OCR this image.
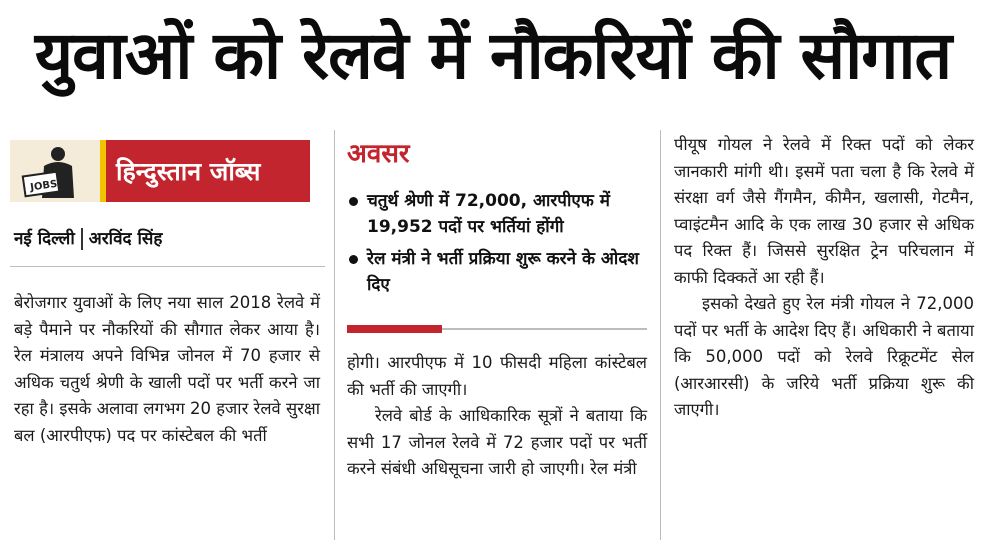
युवाओं को रेलवे में नौकरियों की सौगात
JOBS
हिन्दुस्तान जॉब्स
नई दिल्ली अरविंद सिंह

बेरोजगार युवाओं के लिए नया साल 2018 रेलवे में बड़े पैमाने पर नौकरियों की सौगात लेकर आया है। रेल मंत्रालय अपने विभिन्न जोनल में 70 हजार से अधिक चतुर्थ श्रेणी के खाली पदों पर भर्ती करने जा रहा है। इसके अलावा लगभग 20 हजार रेलवे सुरक्षा बल (आरपीएफ) पद पर कांस्टेबल की भर्ती

अवसर
चतुर्थ श्रेणी में 72,000, आरपीएफ में 19,952 पदों पर भर्तियां होंगी
रेल मंत्री ने भर्ती प्रक्रिया शुरू करने के ओदश दिए

होगी। आरपीएफ में 10 फीसदी महिला कांस्टेबल की भर्ती की जाएगी।

रेलवे बोर्ड के आधिकारिक सूत्रों ने बताया कि सभी 17 जोनल रेलवे में 72 हजार पदों पर भर्ती करने संबंधी अधिसूचना जारी हो जाएगी। रेल मंत्री

पीयूष गोयल ने रेलवे में रिक्त पदों को लेकर जानकारी मांगी थी। इसमें पता चला है कि रेलवे में संरक्षा वर्ग जैसे गैंगमैन, कीमैन, खलासी, गेटमैन, प्वाइंटमैन आदि के एक लाख 30 हजार से अधिक पद रिक्त हैं। जिससे सुरक्षित ट्रेन परिचलान में काफी दिक्कतें आ रही हैं।

इसको देखते हुए रेल मंत्री गोयल ने 72,000 पदों पर भर्ती के आदेश दिए हैं। अधिकारी ने बताया कि 50,000 पदों को रेलवे रिक्रूटमेंट सेल (आरआरसी) के जरिये भर्ती प्रक्रिया शुरू की जाएगी।
